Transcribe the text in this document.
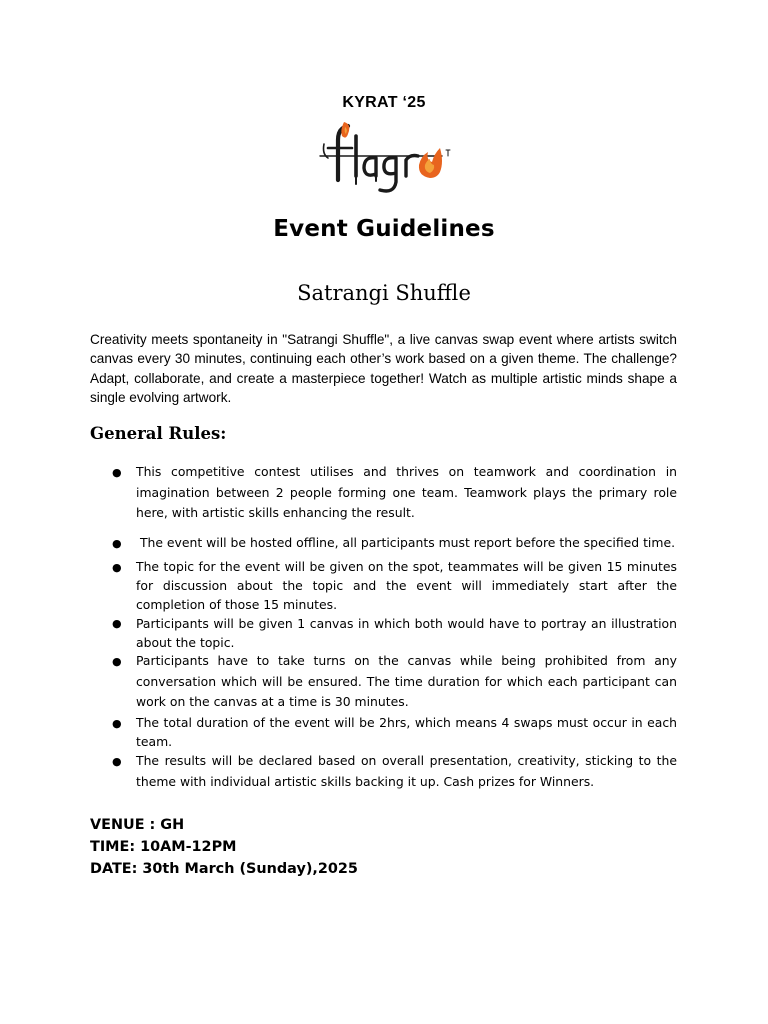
KYRAT ‘25
Event Guidelines
Satrangi Shuffle
Creativity meets spontaneity in "Satrangi Shuffle", a live canvas swap event where artists switch canvas every 30 minutes, continuing each other’s work based on a given theme. The challenge? Adapt, collaborate, and create a masterpiece together! Watch as multiple artistic minds shape a single evolving artwork.
General Rules:
● This competitive contest utilises and thrives on teamwork and coordination in imagination between 2 people forming one team. Teamwork plays the primary role here, with artistic skills enhancing the result.
● The event will be hosted offline, all participants must report before the specified time.
● The topic for the event will be given on the spot, teammates will be given 15 minutes for discussion about the topic and the event will immediately start after the completion of those 15 minutes.
● Participants will be given 1 canvas in which both would have to portray an illustration about the topic.
● Participants have to take turns on the canvas while being prohibited from any conversation which will be ensured. The time duration for which each participant can work on the canvas at a time is 30 minutes.
● The total duration of the event will be 2hrs, which means 4 swaps must occur in each team.
● The results will be declared based on overall presentation, creativity, sticking to the theme with individual artistic skills backing it up. Cash prizes for Winners.
VENUE : GH
TIME: 10AM-12PM
DATE: 30th March (Sunday),2025
